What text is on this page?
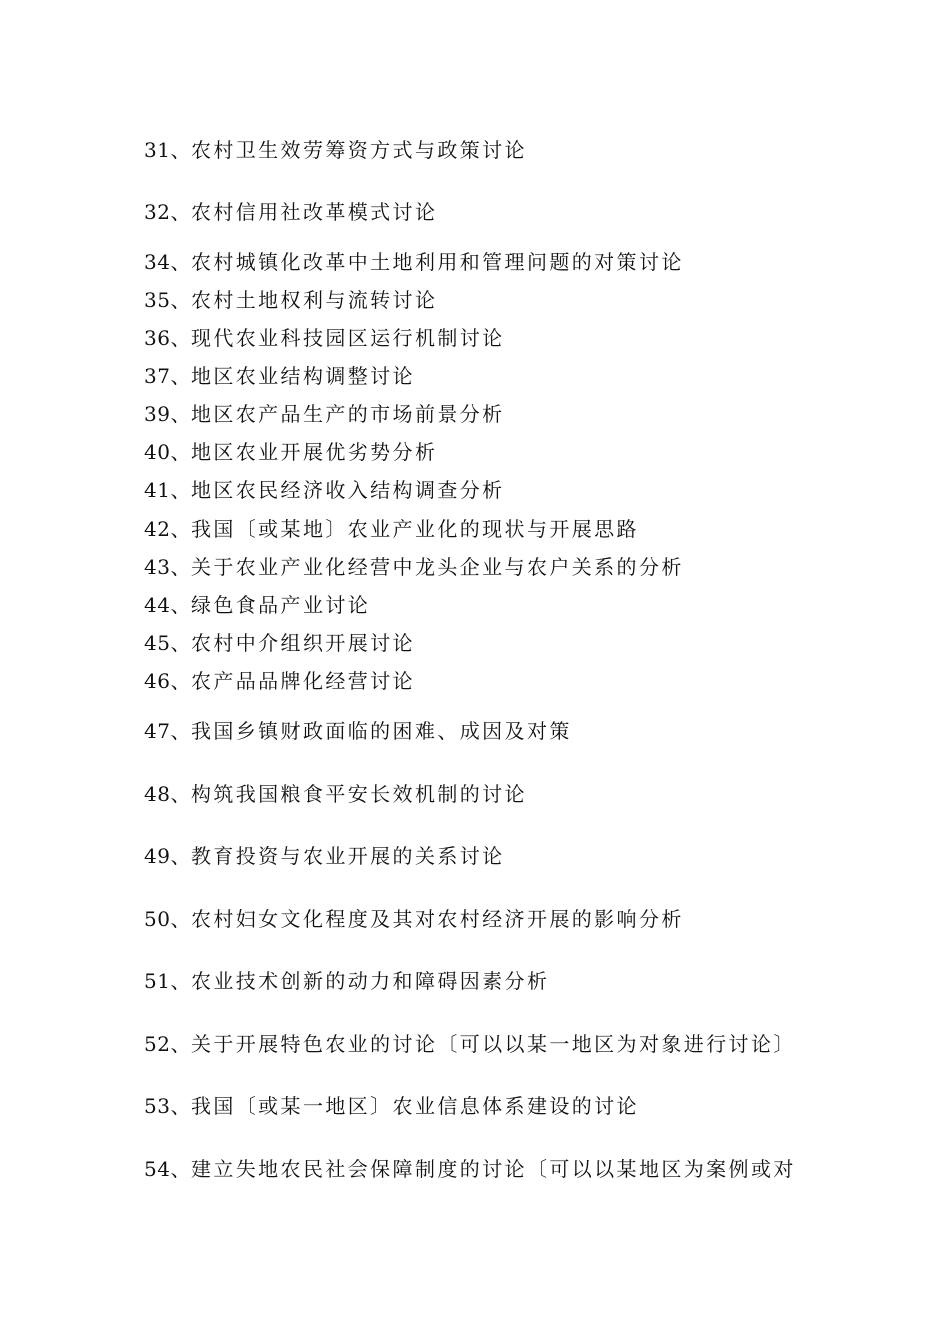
31、农村卫生效劳筹资方式与政策讨论
32、农村信用社改革模式讨论
34、农村城镇化改革中土地利用和管理问题的对策讨论
35、农村土地权利与流转讨论
36、现代农业科技园区运行机制讨论
37、地区农业结构调整讨论
39、地区农产品生产的市场前景分析
40、地区农业开展优劣势分析
41、地区农民经济收入结构调查分析
42、我国〔或某地〕农业产业化的现状与开展思路
43、关于农业产业化经营中龙头企业与农户关系的分析
44、绿色食品产业讨论
45、农村中介组织开展讨论
46、农产品品牌化经营讨论
47、我国乡镇财政面临的困难、成因及对策
48、构筑我国粮食平安长效机制的讨论
49、教育投资与农业开展的关系讨论
50、农村妇女文化程度及其对农村经济开展的影响分析
51、农业技术创新的动力和障碍因素分析
52、关于开展特色农业的讨论〔可以以某一地区为对象进行讨论〕
53、我国〔或某一地区〕农业信息体系建设的讨论
54、建立失地农民社会保障制度的讨论〔可以以某地区为案例或对
